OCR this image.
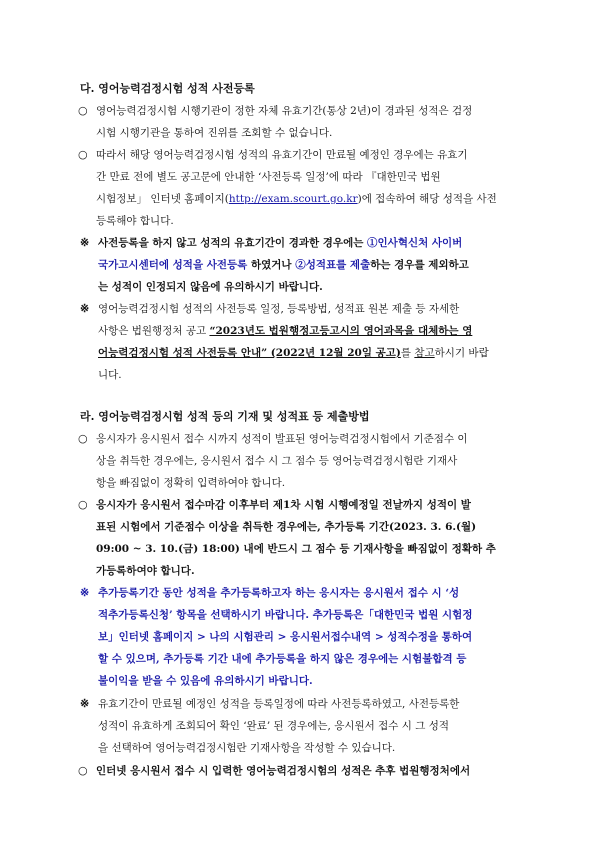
다. 영어능력검정시험 성적 사전등록
○ 영어능력검정시험 시행기관이 정한 자체 유효기간(통상 2년)이 경과된 성적은 검정
시험 시행기관을 통하여 진위를 조회할 수 없습니다.
○ 따라서 해당 영어능력검정시험 성적의 유효기간이 만료될 예정인 경우에는 유효기
간 만료 전에 별도 공고문에 안내한 ‘사전등록 일정’에 따라 『대한민국 법원
시험정보」 인터넷 홈페이지(http://exam.scourt.go.kr)에 접속하여 해당 성적을 사전
등록해야 합니다.
※ 사전등록을 하지 않고 성적의 유효기간이 경과한 경우에는 ①인사혁신처 사이버
국가고시센터에 성적을 사전등록 하였거나 ②성적표를 제출하는 경우를 제외하고
는 성적이 인정되지 않음에 유의하시기 바랍니다.
※ 영어능력검정시험 성적의 사전등록 일정, 등록방법, 성적표 원본 제출 등 자세한
사항은 법원행정처 공고 “2023년도 법원행정고등고시의 영어과목을 대체하는 영
어능력검정시험 성적 사전등록 안내” (2022년 12월 20일 공고)를 참고하시기 바랍
니다.
라. 영어능력검정시험 성적 등의 기재 및 성적표 등 제출방법
○ 응시자가 응시원서 접수 시까지 성적이 발표된 영어능력검정시험에서 기준점수 이
상을 취득한 경우에는, 응시원서 접수 시 그 점수 등 영어능력검정시험란 기재사
항을 빠짐없이 정확히 입력하여야 합니다.
○ 응시자가 응시원서 접수마감 이후부터 제1차 시험 시행예정일 전날까지 성적이 발
표된 시험에서 기준점수 이상을 취득한 경우에는, 추가등록 기간(2023. 3. 6.(월)
09:00 ~ 3. 10.(금) 18:00) 내에 반드시 그 점수 등 기재사항을 빠짐없이 정확하 추
가등록하여야 합니다.
※ 추가등록기간 동안 성적을 추가등록하고자 하는 응시자는 응시원서 접수 시 ‘성
적추가등록신청’ 항목을 선택하시기 바랍니다. 추가등록은「대한민국 법원 시험정
보」인터넷 홈페이지 > 나의 시험관리 > 응시원서접수내역 > 성적수정을 통하여
할 수 있으며, 추가등록 기간 내에 추가등록을 하지 않은 경우에는 시험불합격 등
불이익을 받을 수 있음에 유의하시기 바랍니다.
※ 유효기간이 만료될 예정인 성적을 등록일정에 따라 사전등록하였고, 사전등록한
성적이 유효하게 조회되어 확인 ‘완료’ 된 경우에는, 응시원서 접수 시 그 성적
을 선택하여 영어능력검정시험란 기재사항을 작성할 수 있습니다.
○ 인터넷 응시원서 접수 시 입력한 영어능력검정시험의 성적은 추후 법원행정처에서
